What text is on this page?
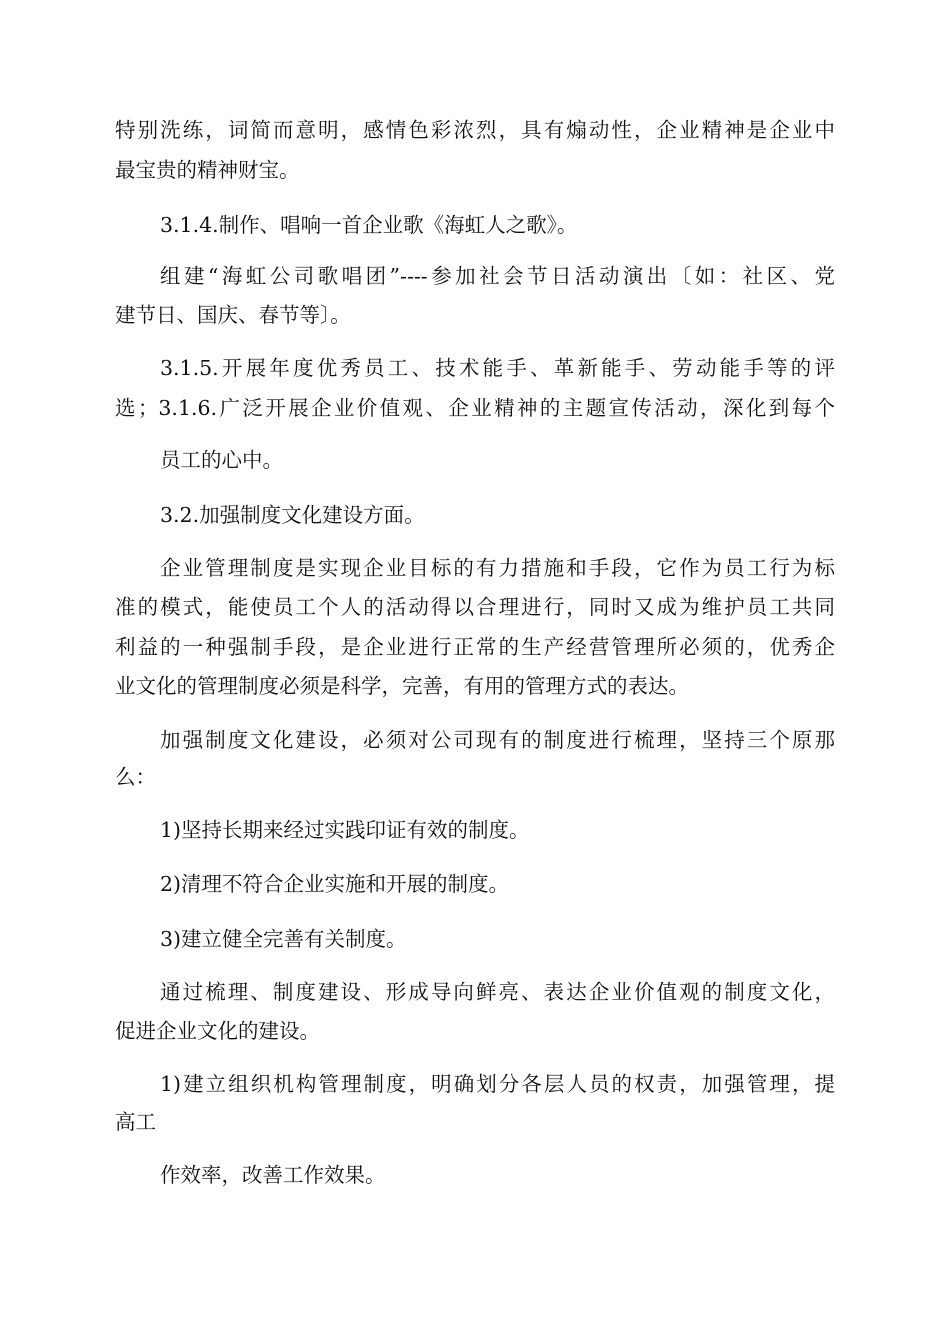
特别洗练，词简而意明，感情色彩浓烈，具有煽动性，企业精神是企业中

最宝贵的精神财宝。

3.1.4.制作、唱响一首企业歌《海虹人之歌》。

组建“海虹公司歌唱团”----参加社会节日活动演出〔如：社区、党

建节日、国庆、春节等〕。

3.1.5.开展年度优秀员工、技术能手、革新能手、劳动能手等的评

选；3.1.6.广泛开展企业价值观、企业精神的主题宣传活动，深化到每个

员工的心中。

3.2.加强制度文化建设方面。

企业管理制度是实现企业目标的有力措施和手段，它作为员工行为标

准的模式，能使员工个人的活动得以合理进行，同时又成为维护员工共同

利益的一种强制手段，是企业进行正常的生产经营管理所必须的，优秀企

业文化的管理制度必须是科学，完善，有用的管理方式的表达。

加强制度文化建设，必须对公司现有的制度进行梳理，坚持三个原那

么：

1)坚持长期来经过实践印证有效的制度。

2)清理不符合企业实施和开展的制度。

3)建立健全完善有关制度。

通过梳理、制度建设、形成导向鲜亮、表达企业价值观的制度文化，

促进企业文化的建设。

1)建立组织机构管理制度，明确划分各层人员的权责，加强管理，提

高工

作效率，改善工作效果。
